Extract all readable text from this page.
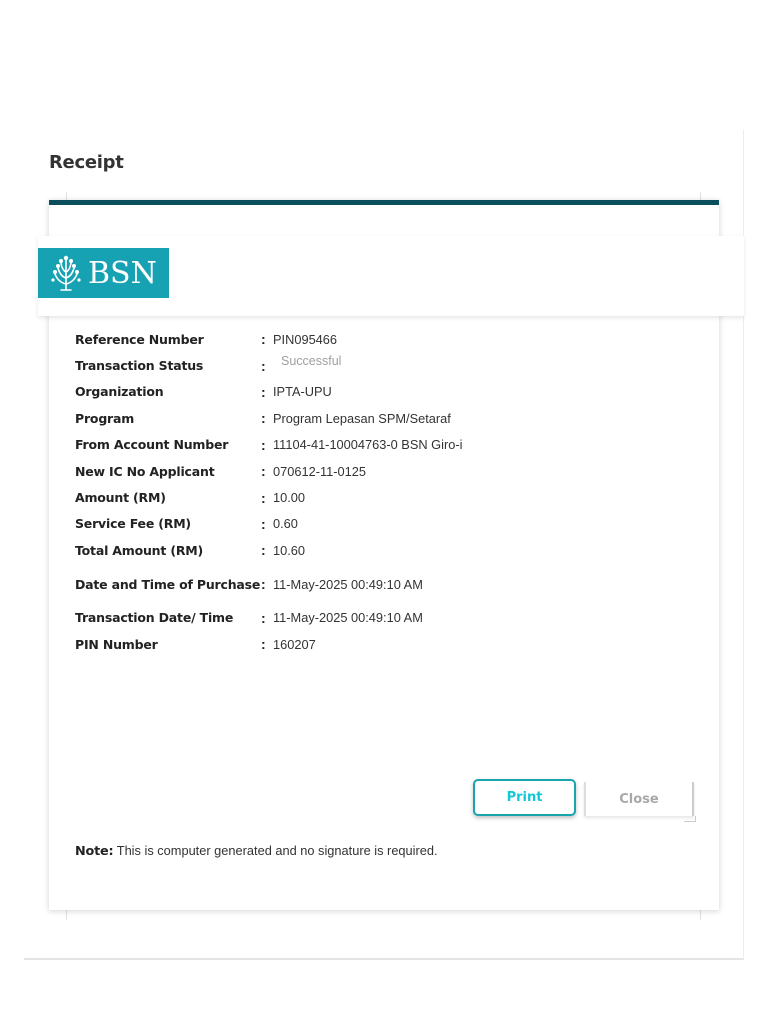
Receipt
BSN
Reference Number	: PIN095466
Transaction Status	:	Successful
Organization	: IPTA-UPU
Program	: Program Lepasan SPM/Setaraf
From Account Number	: 11104-41-10004763-0 BSN Giro-i
New IC No Applicant	: 070612-11-0125
Amount (RM)	: 10.00
Service Fee (RM)	: 0.60
Total Amount (RM)	: 10.60
Date and Time of Purchase : 11-May-2025 00:49:10 AM
Transaction Date/ Time	: 11-May-2025 00:49:10 AM
PIN Number	: 160207
Print	Close

Note: This is computer generated and no signature is required.
